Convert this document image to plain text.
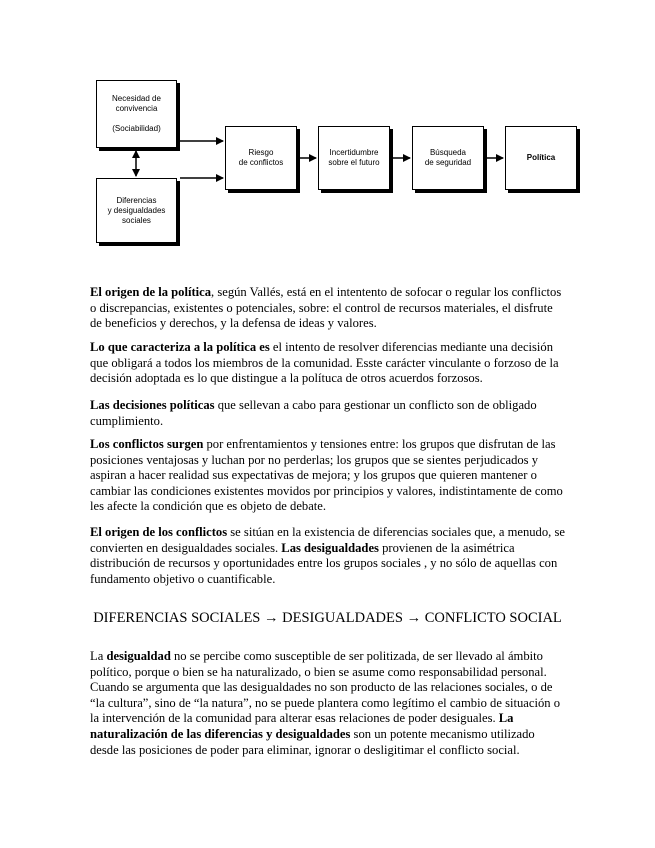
Necesidad de
convivencia
(Sociabilidad)
Diferencias
y desigualdades
sociales
Riesgo
de conflictos
Incertidumbre
sobre el futuro
Búsqueda
de seguridad
Política

El origen de la política, según Vallés, está en el intentento de sofocar o regular los conflictos o discrepancias, existentes o potenciales, sobre: el control de recursos materiales, el disfrute de beneficios y derechos, y la defensa de ideas y valores.

Lo que caracteriza a la política es el intento de resolver diferencias mediante una decisión que obligará a todos los miembros de la comunidad. Esste carácter vinculante o forzoso de la decisión adoptada es lo que distingue a la polítuca de otros acuerdos forzosos.

Las decisiones políticas que sellevan a cabo para gestionar un conflicto son de obligado cumplimiento.

Los conflictos surgen por enfrentamientos y tensiones entre: los grupos que disfrutan de las posiciones ventajosas y luchan por no perderlas; los grupos que se sientes perjudicados y aspiran a hacer realidad sus expectativas de mejora; y los grupos que quieren mantener o cambiar las condiciones existentes movidos por principios y valores, indistintamente de como les afecte la condición que es objeto de debate.

El origen de los conflictos se sitúan en la existencia de diferencias sociales que, a menudo, se convierten en desigualdades sociales. Las desigualdades provienen de la asimétrica distribución de recursos y oportunidades entre los grupos sociales , y no sólo de aquellas con fundamento objetivo o cuantificable.

DIFERENCIAS SOCIALES → DESIGUALDADES → CONFLICTO SOCIAL

La desigualdad no se percibe como susceptible de ser politizada, de ser llevado al ámbito político, porque o bien se ha naturalizado, o bien se asume como responsabilidad personal. Cuando se argumenta que las desigualdades no son producto de las relaciones sociales, o de “la cultura”, sino de “la natura”, no se puede plantera como legítimo el cambio de situación o la intervención de la comunidad para alterar esas relaciones de poder desiguales. La naturalización de las diferencias y desigualdades son un potente mecanismo utilizado desde las posiciones de poder para eliminar, ignorar o desligitimar el conflicto social.
